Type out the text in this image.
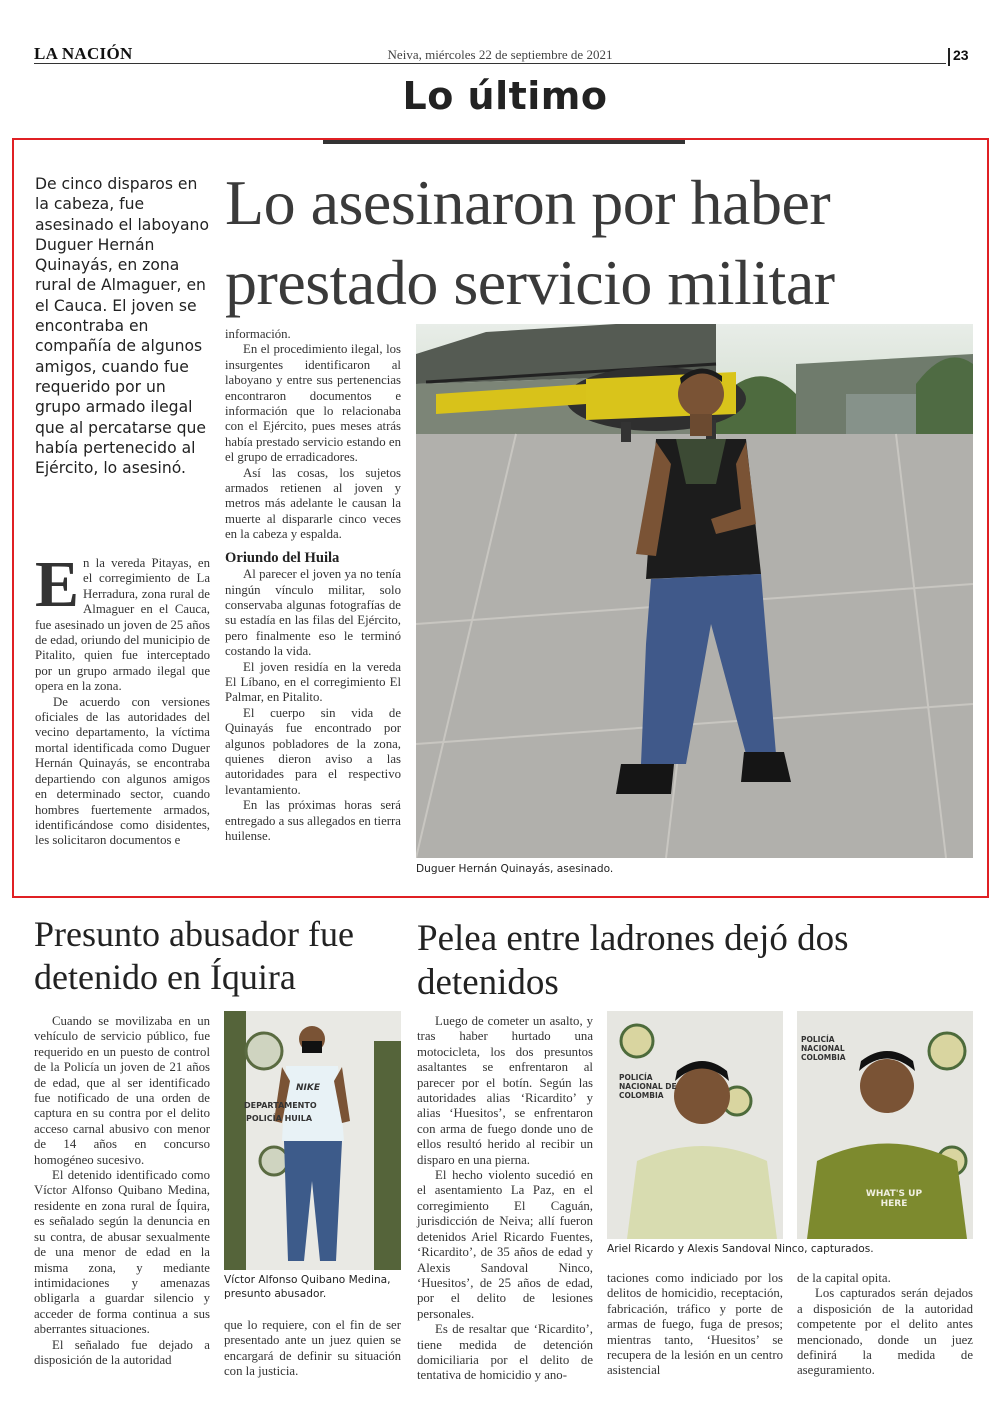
LA NACIÓN	Neiva, miércoles 22 de septiembre de 2021	23
Lo último
De cinco disparos en la cabeza, fue asesinado el laboyano Duguer Hernán Quinayás, en zona rural de Almaguer, en el Cauca. El joven se encontraba en compañía de algunos amigos, cuando fue requerido por un grupo armado ilegal que al percatarse que había pertenecido al Ejército, lo asesinó.
Lo asesinaron por haber
prestado servicio militar
E n la vereda Pitayas, en el corregimiento de La Herradura, zona rural de Almaguer en el Cauca, fue asesinado un joven de 25 años de edad, oriundo del municipio de Pitalito, quien fue interceptado por un grupo armado ilegal que opera en la zona.

De acuerdo con versiones oficiales de las autoridades del vecino departamento, la víctima mortal identificada como Duguer Hernán Quinayás, se encontraba departiendo con algunos amigos en determinado sector, cuando hombres fuertemente armados, identificándose como disidentes, les solicitaron documentos e

información.

En el procedimiento ilegal, los insurgentes identificaron al laboyano y entre sus pertenencias encontraron documentos e información que lo relacionaba con el Ejército, pues meses atrás había prestado servicio estando en el grupo de erradicadores.

Así las cosas, los sujetos armados retienen al joven y metros más adelante le causan la muerte al dispararle cinco veces en la cabeza y espalda.

Oriundo del Huila

Al parecer el joven ya no tenía ningún vínculo militar, solo conservaba algunas fotografías de su estadía en las filas del Ejército, pero finalmente eso le terminó costando la vida.

El joven residía en la vereda El Líbano, en el corregimiento El Palmar, en Pitalito.

El cuerpo sin vida de Quinayás fue encontrado por algunos pobladores de la zona, quienes dieron aviso a las autoridades para el respectivo levantamiento.

En las próximas horas será entregado a sus allegados en tierra huilense.

Duguer Hernán Quinayás, asesinado.
Presunto abusador fue detenido en Íquira

Cuando se movilizaba en un vehículo de servicio público, fue requerido en un puesto de control de la Policía un joven de 21 años de edad, que al ser identificado fue notificado de una orden de captura en su contra por el delito acceso carnal abusivo con menor de 14 años en concurso homogéneo sucesivo.

El detenido identificado como Víctor Alfonso Quibano Medina, residente en zona rural de Íquira, es señalado según la denuncia en su contra, de abusar sexualmente de una menor de edad en la misma zona, y mediante intimidaciones y amenazas obligarla a guardar silencio y acceder de forma continua a sus aberrantes situaciones.

El señalado fue dejado a disposición de la autoridad

DEPARTAMENTO
POLICÍA HUILA
NIKE
Víctor Alfonso Quibano Medina, presunto abusador.

que lo requiere, con el fin de ser presentado ante un juez quien se encargará de definir su situación con la justicia.

Pelea entre ladrones dejó dos detenidos

Luego de cometer un asalto, y tras haber hurtado una motocicleta, los dos presuntos asaltantes se enfrentaron al parecer por el botín. Según las autoridades alias ‘Ricardito’ y alias ‘Huesitos’, se enfrentaron con arma de fuego donde uno de ellos resultó herido al recibir un disparo en una pierna.

El hecho violento sucedió en el asentamiento La Paz, en el corregimiento El Caguán, jurisdicción de Neiva; allí fueron detenidos Ariel Ricardo Fuentes, ‘Ricardito’, de 35 años de edad y Alexis Sandoval Ninco, ‘Huesitos’, de 25 años de edad, por el delito de lesiones personales.

Es de resaltar que ‘Ricardito’, tiene medida de detención domiciliaria por el delito de tentativa de homicidio y ano-

POLICÍA NACIONAL DE COLOMBIA
POLICÍA NACIONAL COLOMBIA
WHAT'S UP HERE
Ariel Ricardo y Alexis Sandoval Ninco, capturados.

taciones como indiciado por los delitos de homicidio, receptación, fabricación, tráfico y porte de armas de fuego, fuga de presos; mientras tanto, ‘Huesitos’ se recupera de la lesión en un centro asistencial

de la capital opita.

Los capturados serán dejados a disposición de la autoridad competente por el delito antes mencionado, donde un juez definirá la medida de aseguramiento.
